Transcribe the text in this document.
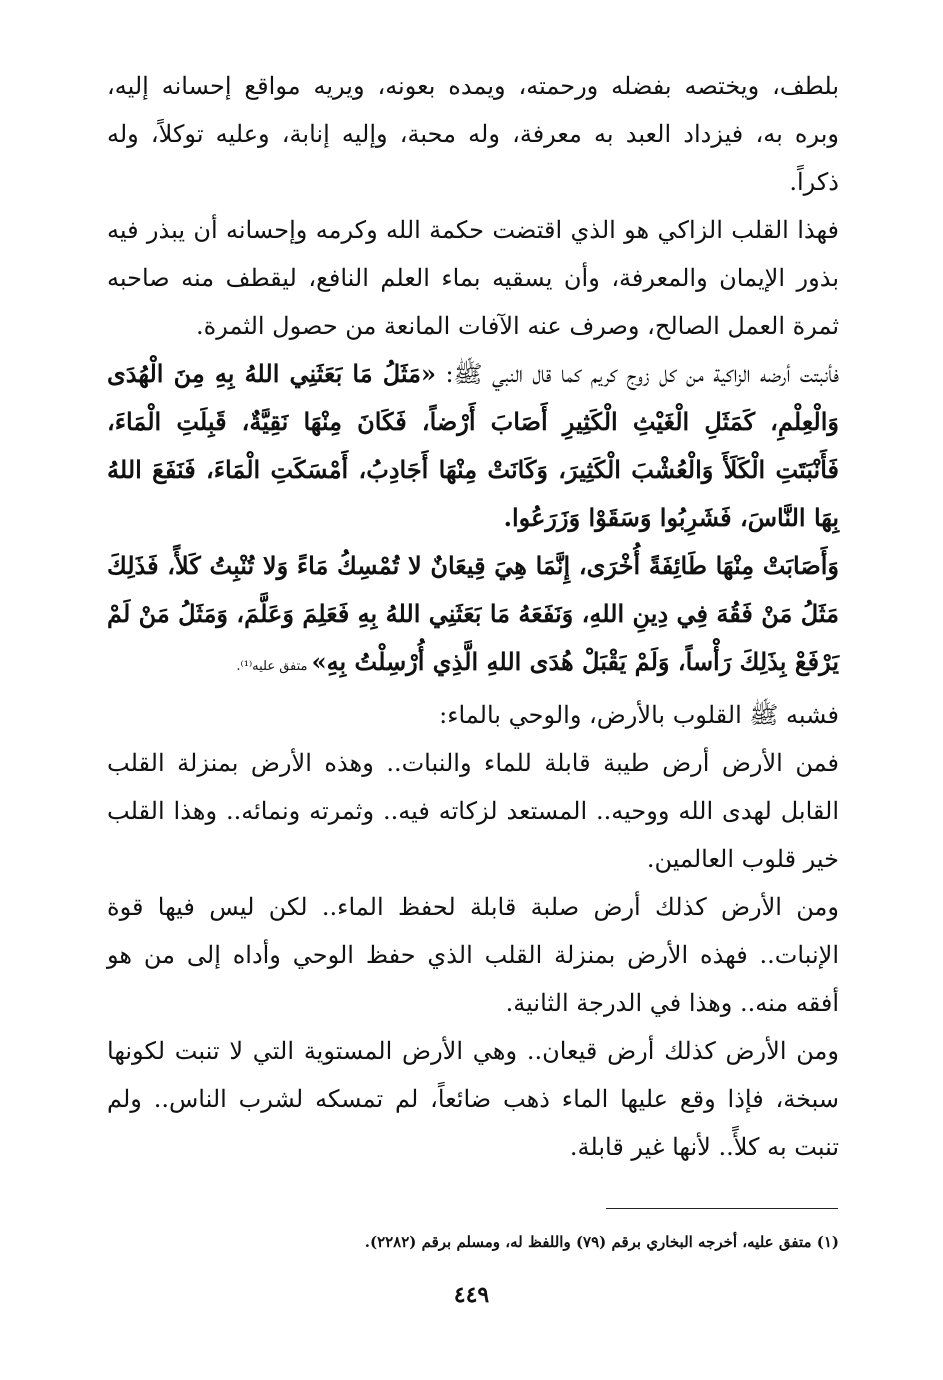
بلطف، ويختصه بفضله ورحمته، ويمده بعونه، ويريه مواقع إحسانه إليه، وبره به، فيزداد العبد به معرفة، وله محبة، وإليه إنابة، وعليه توكلاً، وله ذكراً.

فهذا القلب الزاكي هو الذي اقتضت حكمة الله وكرمه وإحسانه أن يبذر فيه بذور الإيمان والمعرفة، وأن يسقيه بماء العلم النافع، ليقطف منه صاحبه ثمرة العمل الصالح، وصرف عنه الآفات المانعة من حصول الثمرة.

فأنبتت أرضه الزاكية من كل زوج كريم كما قال النبي ﷺ: «مَثَلُ مَا بَعَثَنِي اللهُ بِهِ مِنَ الْهُدَى وَالْعِلْمِ، كَمَثَلِ الْغَيْثِ الْكَثِيرِ أَصَابَ أَرْضاً، فَكَانَ مِنْهَا نَقِيَّةٌ، قَبِلَتِ الْمَاءَ، فَأَنْبَتَتِ الْكَلَأَ وَالْعُشْبَ الْكَثِيرَ، وَكَانَتْ مِنْهَا أَجَادِبُ، أَمْسَكَتِ الْمَاءَ، فَنَفَعَ اللهُ بِهَا النَّاسَ، فَشَرِبُوا وَسَقَوْا وَزَرَعُوا.

وَأَصَابَتْ مِنْهَا طَائِفَةً أُخْرَى، إِنَّمَا هِيَ قِيعَانٌ لا تُمْسِكُ مَاءً وَلا تُنْبِتُ كَلأً، فَذَلِكَ مَثَلُ مَنْ فَقُهَ فِي دِينِ اللهِ، وَنَفَعَهُ مَا بَعَثَنِي اللهُ بِهِ فَعَلِمَ وَعَلَّمَ، وَمَثَلُ مَنْ لَمْ يَرْفَعْ بِذَلِكَ رَأْساً، وَلَمْ يَقْبَلْ هُدَى اللهِ الَّذِي أُرْسِلْتُ بِهِ» متفق عليه⁽¹⁾.

فشبه ﷺ القلوب بالأرض، والوحي بالماء:

فمن الأرض أرض طيبة قابلة للماء والنبات.. وهذه الأرض بمنزلة القلب القابل لهدى الله ووحيه.. المستعد لزكاته فيه.. وثمرته ونمائه.. وهذا القلب خير قلوب العالمين.

ومن الأرض كذلك أرض صلبة قابلة لحفظ الماء.. لكن ليس فيها قوة الإنبات.. فهذه الأرض بمنزلة القلب الذي حفظ الوحي وأداه إلى من هو أفقه منه.. وهذا في الدرجة الثانية.

ومن الأرض كذلك أرض قيعان.. وهي الأرض المستوية التي لا تنبت لكونها سبخة، فإذا وقع عليها الماء ذهب ضائعاً، لم تمسكه لشرب الناس.. ولم تنبت به كلأً.. لأنها غير قابلة.

(١) متفق عليه، أخرجه البخاري برقم (٧٩) واللفظ له، ومسلم برقم (٢٢٨٢).
٤٤٩
